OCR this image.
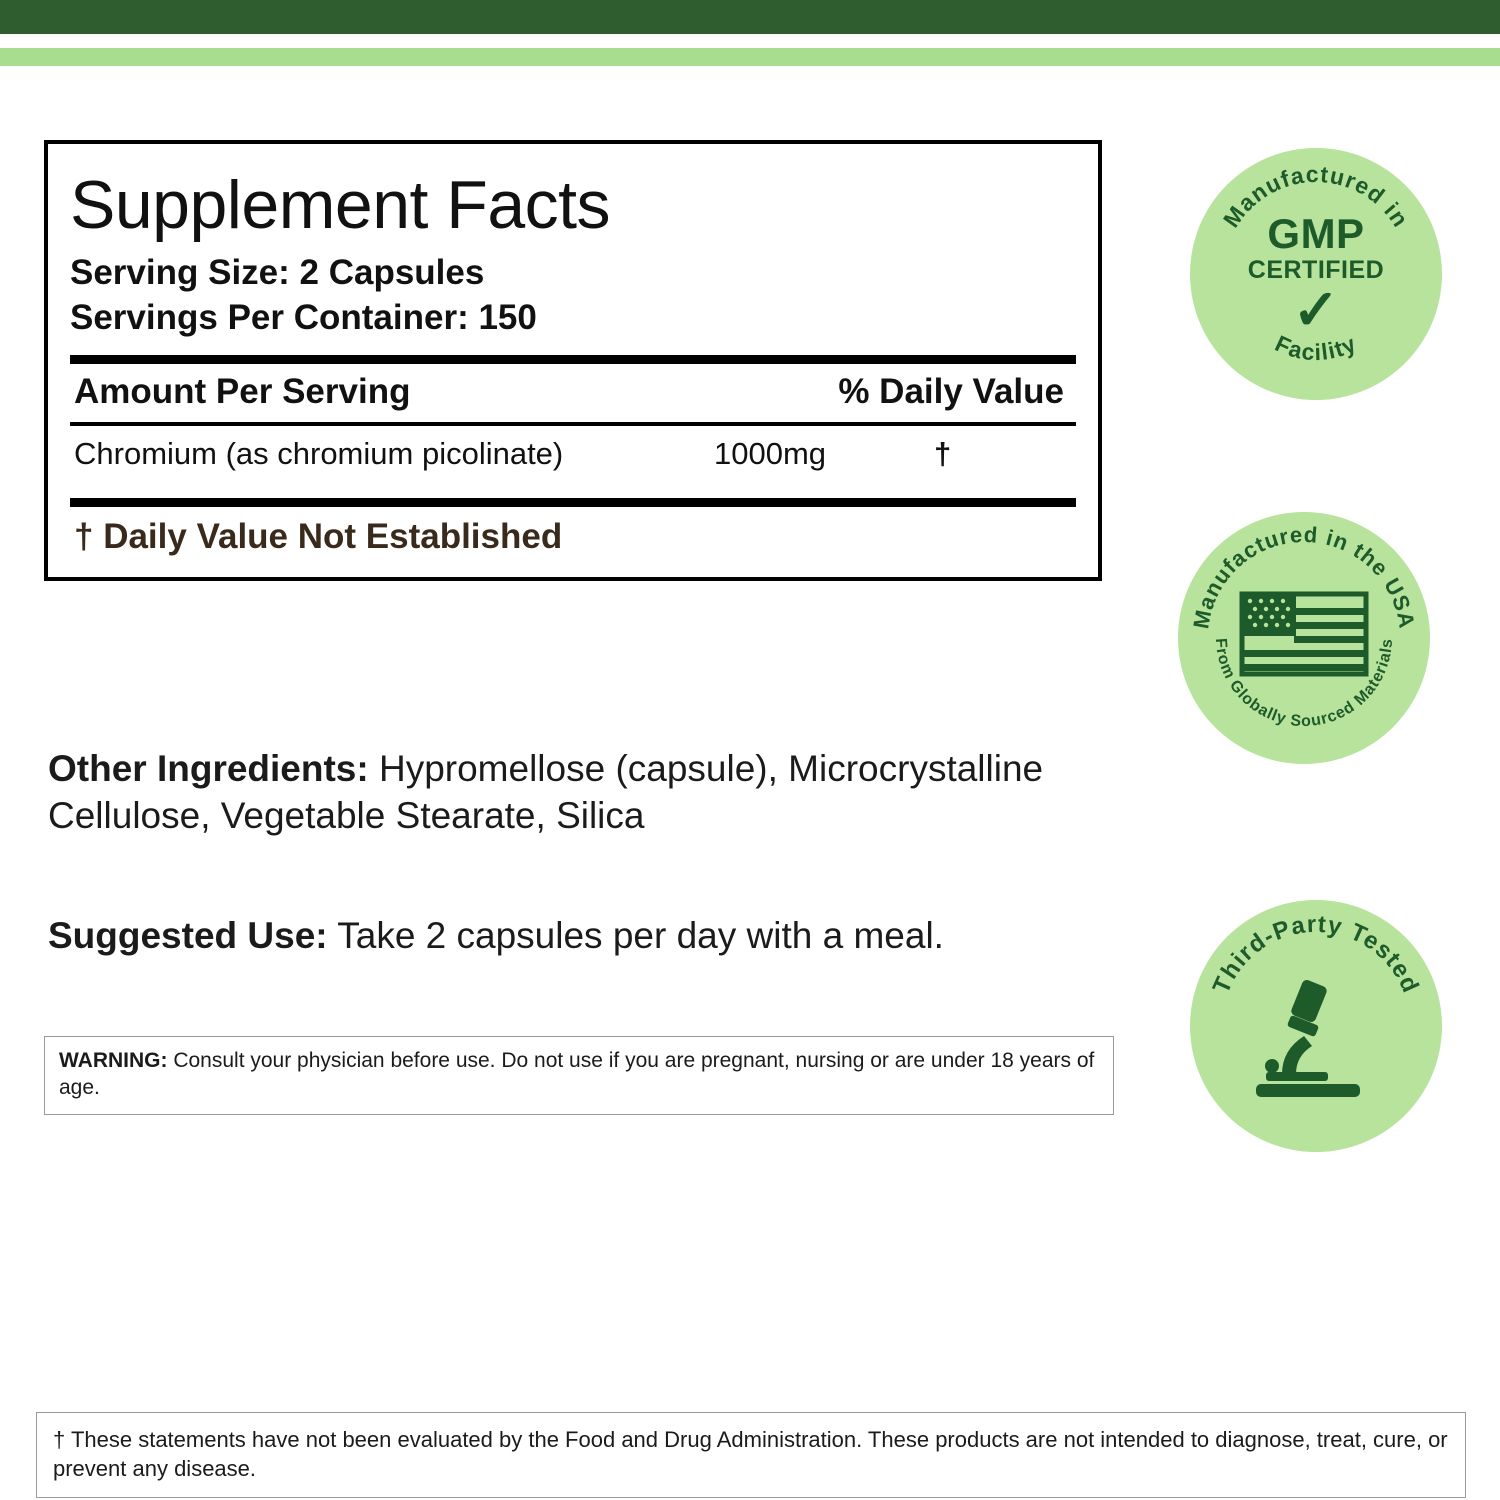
Supplement Facts
Serving Size: 2 Capsules
Servings Per Container: 150
Amount Per Serving	% Daily Value
Chromium (as chromium picolinate)	1000mg	†
† Daily Value Not Established
Other Ingredients: Hypromellose (capsule), Microcrystalline Cellulose, Vegetable Stearate, Silica
Suggested Use: Take 2 capsules per day with a meal.
WARNING: Consult your physician before use. Do not use if you are pregnant, nursing or are under 18 years of age.
† These statements have not been evaluated by the Food and Drug Administration. These products are not intended to diagnose, treat, cure, or prevent any disease.
Manufactured in
Facility
GMP
CERTIFIED
✓
Manufactured in the USA
From Globally Sourced Materials
Third-Party Tested
